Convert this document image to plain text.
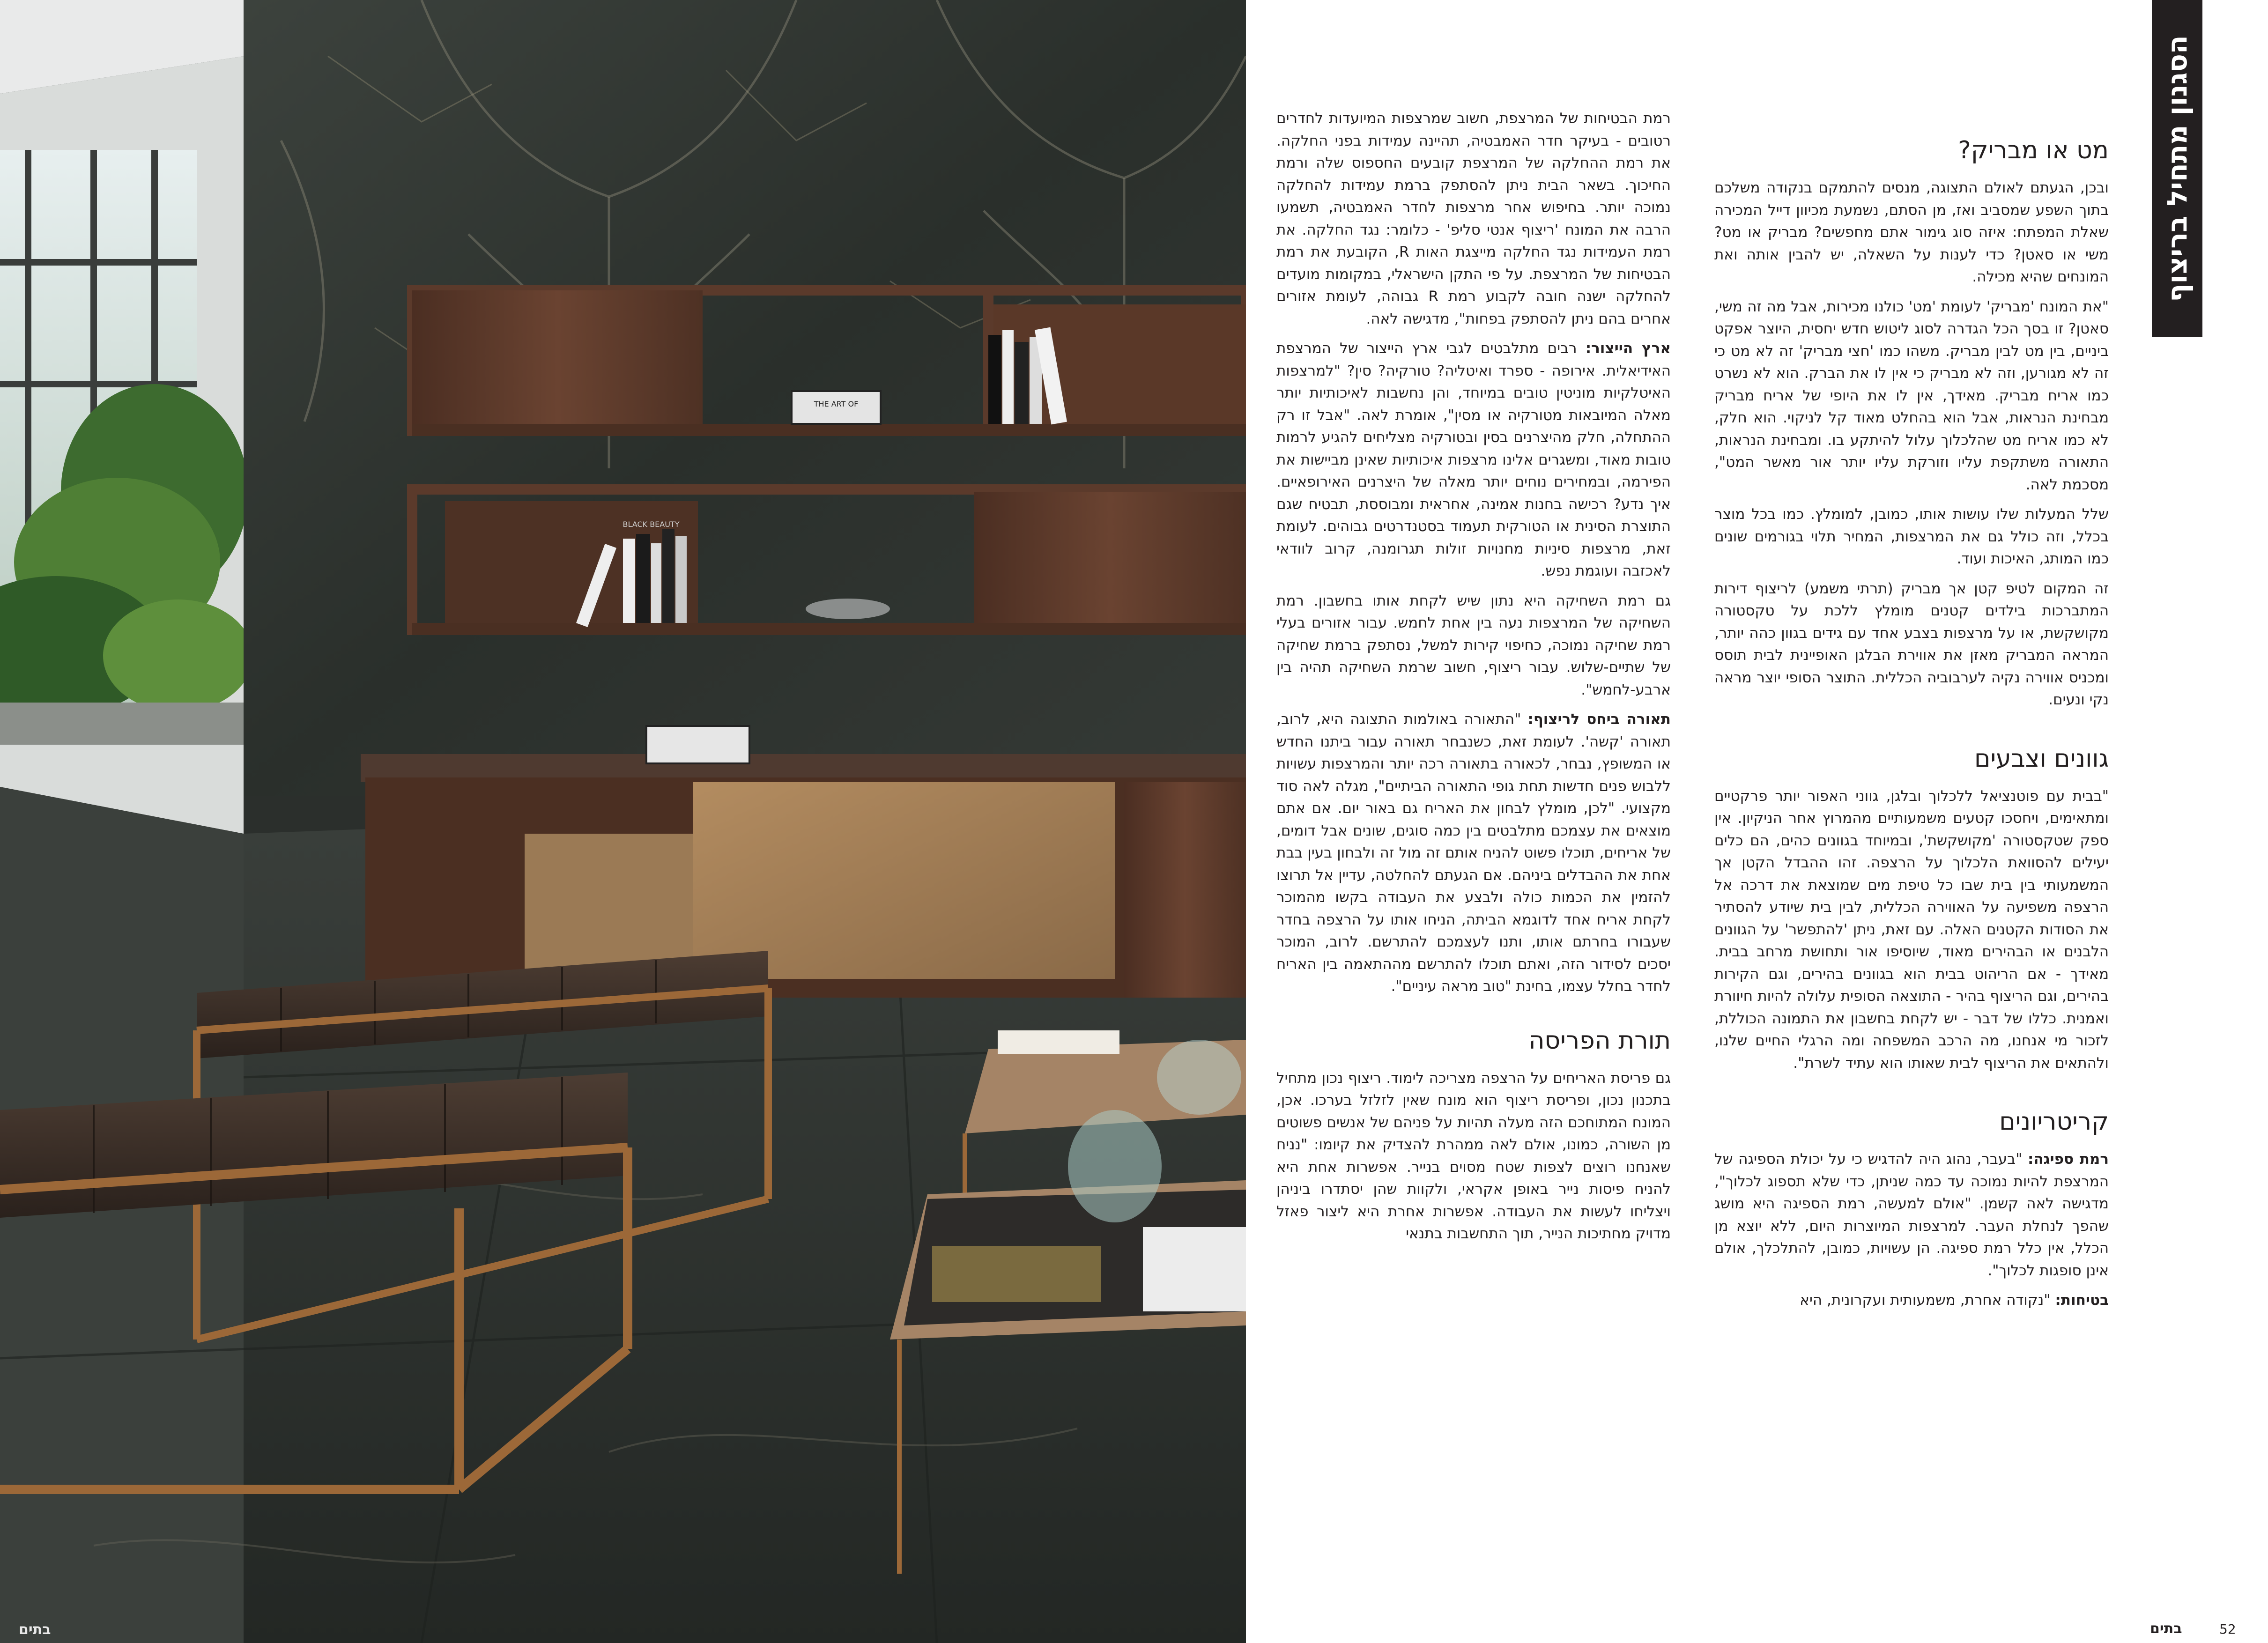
THE ART OF
BLACK BEAUTY
בתים
הסגנון מתחיל בריצוף
מט או מבריק?

ובכן, הגעתם לאולם התצוגה, מנסים להתמקם בנקודה משלכם בתוך השפע שמסביב ואז, מן הסתם, נשמעת מכיוון דייל המכירה שאלת המפתח: איזה סוג גימור אתם מחפשים? מבריק או מט? משי או סאטן? כדי לענות על השאלה, יש להבין אותה ואת המונחים שהיא מכילה.

"את המונח 'מבריק' לעומת 'מט' כולנו מכירות, אבל מה זה משי, סאטן? זו בסך הכל הגדרה לסוג ליטוש חדש יחסית, היוצר אפקט ביניים, בין מט לבין מבריק. משהו כמו 'חצי מבריק' זה לא מט כי זה לא מגורען, וזה לא מבריק כי אין לו את הברק. הוא לא נשרט כמו אריח מבריק. מאידך, אין לו את היופי של אריח מבריק מבחינת הנראות, אבל הוא בהחלט מאוד קל לניקוי. הוא חלק, לא כמו אריח מט שהלכלוך עלול להיתקע בו. ומבחינת הנראות, התאורה משתקפת עליו וזורקת עליו יותר אור מאשר המט", מסכמת לאה.

שלל המעלות שלו עושות אותו, כמובן, למומלץ. כמו בכל מוצר בכלל, וזה כולל גם את המרצפות, המחיר תלוי בגורמים שונים כמו המותג, האיכות ועוד.

זה המקום לטיפ קטן אך מבריק (תרתי משמע) לריצוף דירות המתברכות בילדים קטנים מומלץ ללכת על טקסטורה מקושקשת, או על מרצפות בצבע אחד עם גידים בגוון כהה יותר, המראה המבריק מאזן את אווירת הבלגן האופיינית לבית תוסס ומכניס אווירה נקיה לערבוביה הכללית. התוצר הסופי יוצר מראה נקי ונעים.

גוונים וצבעים

"בבית עם פוטנציאל ללכלוך ובלגן, גווני האפור יותר פרקטיים ומתאימים, ויחסכו קטעים משמעותיים מהמרוץ אחר הניקיון. אין ספק שטקסטורה 'מקושקשת', ובמיוחד בגוונים כהים, הם כלים יעילים להסוואת הלכלוך על הרצפה. זהו ההבדל הקטן אך המשמעותי בין בית שבו כל טיפת מים שמוצאת את דרכה אל הרצפה משפיעה על האווירה הכללית, לבין בית שיודע להסתיר את הסודות הקטנים האלה. עם זאת, ניתן 'להתפשר' על הגוונים הלבנים או הבהירים מאוד, שיוסיפו אור ותחושת מרחב בבית. מאידך - אם הריהוט בבית הוא בגוונים בהירים, וגם הקירות בהירים, וגם הריצוף בהיר - התוצאה הסופית עלולה להיות חיוורת ואמנית. כללו של דבר - יש לקחת בחשבון את התמונה הכוללת, לזכור מי אנחנו, מה הרכב המשפחה ומה הרגלי החיים שלנו, ולהתאים את הריצוף לבית שאותו הוא עתיד לשרת".

קריטריונים

רמת ספיגה: "בעבר, נהוג היה להדגיש כי על יכולת הספיגה של המרצפת להיות נמוכה עד כמה שניתן, כדי שלא תספוג לכלוך", מדגישה לאה קשמן. "אולם למעשה, רמת הספיגה היא מושג שהפך לנחלת העבר. למרצפות המיוצרות היום, ללא יוצא מן הכלל, אין כלל רמת ספיגה. הן עשויות, כמובן, להתלכלך, אולם אינן סופגות לכלוך".

בטיחות: "נקודה אחרת, משמעותית ועקרונית, היא

רמת הבטיחות של המרצפת, חשוב שמרצפות המיועדות לחדרים רטובים - בעיקר חדר האמבטיה, תהיינה עמידות בפני החלקה. את רמת ההחלקה של המרצפת קובעים החספוס שלה ורמת החיכוך. בשאר הבית ניתן להסתפק ברמת עמידות להחלקה נמוכה יותר. בחיפוש אחר מרצפות לחדר האמבטיה, תשמעו הרבה את המונח 'ריצוף אנטי סליפ' - כלומר: נגד החלקה. את רמת העמידות נגד החלקה מייצגת האות R, הקובעת את רמת הבטיחות של המרצפת. על פי התקן הישראלי, במקומות מועדים להחלקה ישנה חובה לקבוע רמת R גבוהה, לעומת אזורים אחרים בהם ניתן להסתפק בפחות", מדגישה לאה.

ארץ הייצור: רבים מתלבטים לגבי ארץ הייצור של המרצפת האידיאלית. אירופה - ספרד ואיטליה? טורקיה? סין? "למרצפות האיטלקיות מוניטין טובים במיוחד, והן נחשבות לאיכותיות יותר מאלה המיובאות מטורקיה או מסין", אומרת לאה. "אבל זו רק ההתחלה, חלק מהיצרנים בסין ובטורקיה מצליחים להגיע לרמות טובות מאוד, ומשגרים אלינו מרצפות איכותיות שאינן מביישות את הפירמה, ובמחירים נוחים יותר מאלה של היצרנים האירופאיים. איך נדע? רכישה בחנות אמינה, אחראית ומבוססת, תבטיח שגם התוצרת הסינית או הטורקית תעמוד בסטנדרטים גבוהים. לעומת זאת, מרצפות סיניות מחנויות זולות תגרומנה, קרוב לוודאי לאכזבה ועוגמת נפש.

גם רמת השחיקה היא נתון שיש לקחת אותו בחשבון. רמת השחיקה של המרצפות נעה בין אחת לחמש. עבור אזורים בעלי רמת שחיקה נמוכה, כחיפוי קירות למשל, נסתפק ברמת שחיקה של שתיים-שלוש. עבור ריצוף, חשוב שרמת השחיקה תהיה בין ארבע-לחמש".

תאורה ביחס לריצוף: "התאורה באולמות התצוגה היא, לרוב, תאורה 'קשה'. לעומת זאת, כשנבחר תאורה עבור ביתנו החדש או המשופץ, נבחר, לכאורה בתאורה רכה יותר והמרצפות עשויות ללבוש פנים חדשות תחת גופי התאורה הביתיים", מגלה לאה סוד מקצועי. "לכן, מומלץ לבחון את האריח גם באור יום. אם אתם מוצאים את עצמכם מתלבטים בין כמה סוגים, שונים אבל דומים, של אריחים, תוכלו פשוט להניח אותם זה מול זה ולבחון בעין בבת אחת את ההבדלים ביניהם. אם הגעתם להחלטה, עדיין אל תרוצו להזמין את הכמות כולה ולבצע את העבודה בקשו מהמוכר לקחת אריח אחד לדוגמא הביתה, הניחו אותו על הרצפה בחדר שעבורו בחרתם אותו, ותנו לעצמכם להתרשם. לרוב, המוכר יסכים לסידור הזה, ואתם תוכלו להתרשם מההתאמה בין האריח לחדר בחלל עצמו, בחינת "טוב מראה עיניים".

תורת הפריסה

גם פריסת האריחים על הרצפה מצריכה לימוד. ריצוף נכון מתחיל בתכנון נכון, ופריסת ריצוף הוא מונח שאין לזלזל בערכו. אכן, המונח המתוחכם הזה מעלה תהיות על פניהם של אנשים פשוטים מן השורה, כמונו, אולם לאה ממהרת להצדיק את קיומו: "נניח שאנחנו רוצים לצפות שטח מסוים בנייר. אפשרות אחת היא להניח פיסות נייר באופן אקראי, ולקוות שהן יסתדרו ביניהן ויצליחו לעשות את העבודה. אפשרות אחרת היא ליצור פאזל מדויק מחתיכות הנייר, תוך התחשבות בתנאי

בתים	52
